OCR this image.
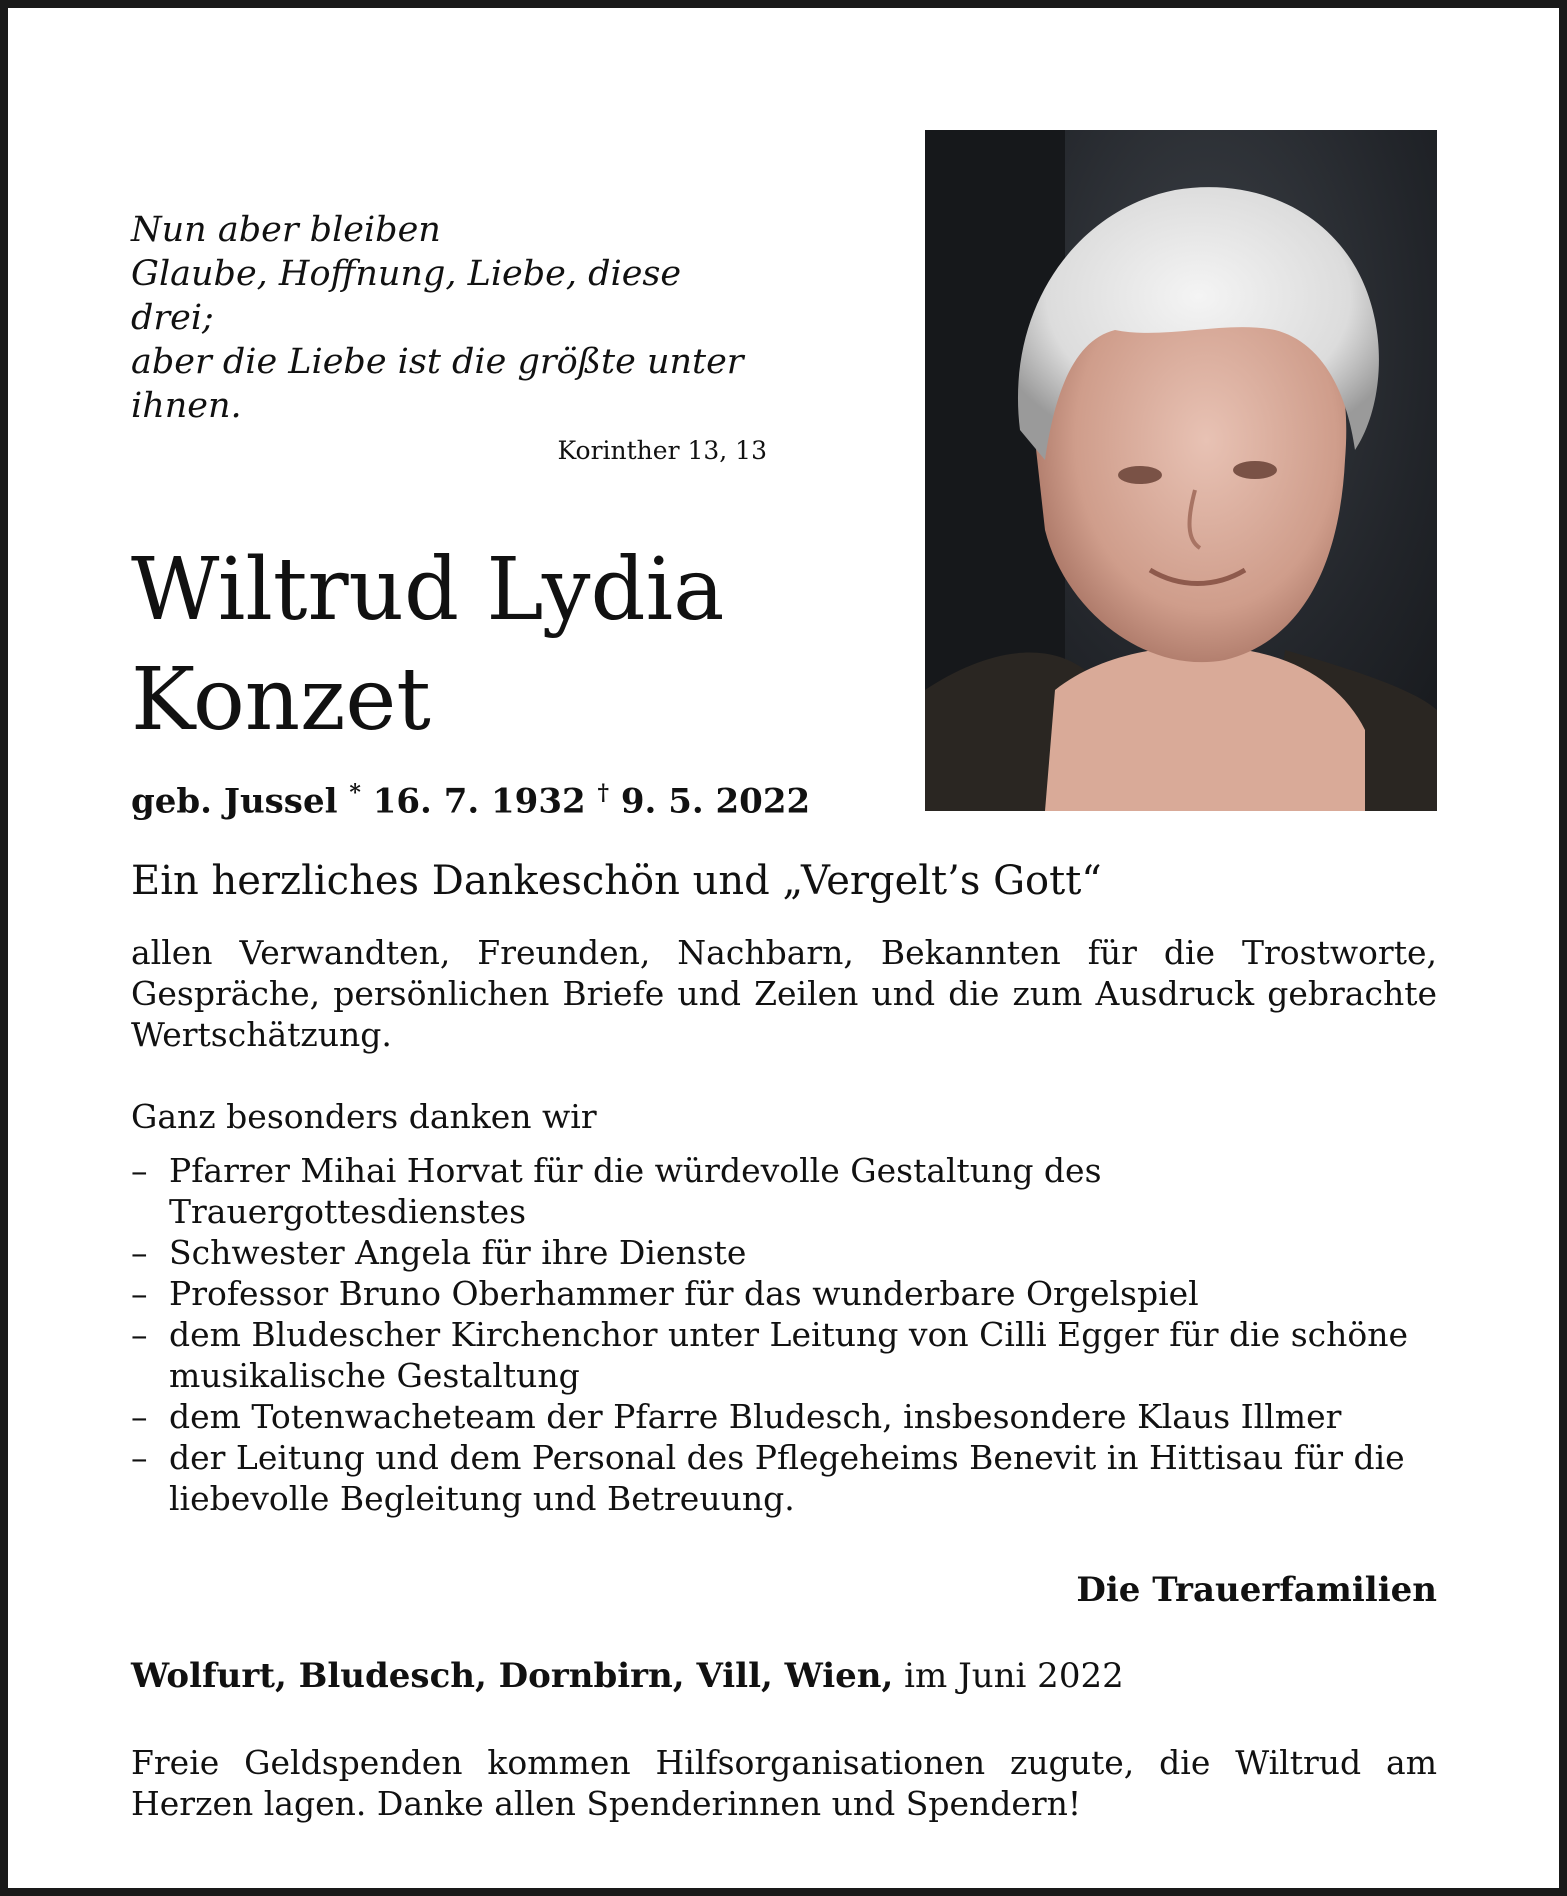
Nun aber bleiben
Glaube, Hoffnung, Liebe, diese drei;
aber die Liebe ist die größte unter ihnen.
Korinther 13, 13
Wiltrud Lydia
Konzet
geb. Jussel * 16. 7. 1932 † 9. 5. 2022
Ein herzliches Dankeschön und „Vergelt’s Gott“
allen Verwandten, Freunden, Nachbarn, Bekannten für die Trostworte, Gespräche, persönlichen Briefe und Zeilen und die zum Ausdruck gebrachte Wertschätzung.
Ganz besonders danken wir
– Pfarrer Mihai Horvat für die würdevolle Gestaltung des Trauergottesdienstes
– Schwester Angela für ihre Dienste
– Professor Bruno Oberhammer für das wunderbare Orgelspiel
– dem Bludescher Kirchenchor unter Leitung von Cilli Egger für die schöne musikalische Gestaltung
– dem Totenwacheteam der Pfarre Bludesch, insbesondere Klaus Illmer
– der Leitung und dem Personal des Pflegeheims Benevit in Hittisau für die liebevolle Begleitung und Betreuung.
Die Trauerfamilien
Wolfurt, Bludesch, Dornbirn, Vill, Wien, im Juni 2022
Freie Geldspenden kommen Hilfsorganisationen zugute, die Wiltrud am Herzen lagen. Danke allen Spenderinnen und Spendern!
